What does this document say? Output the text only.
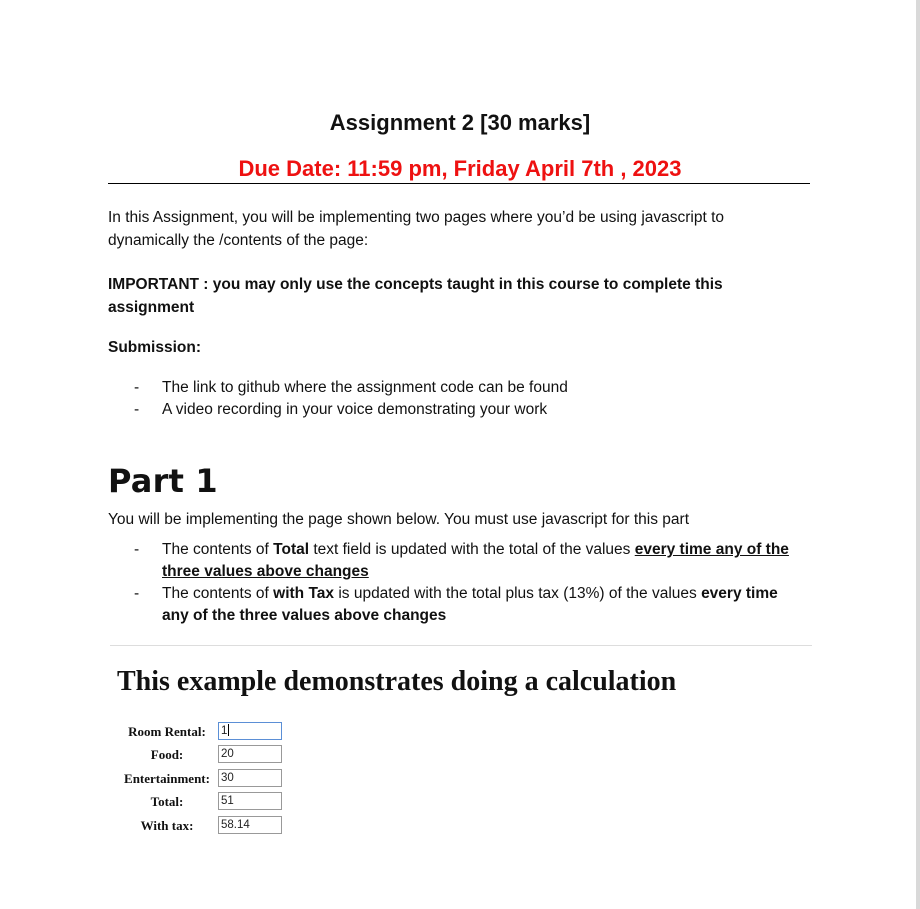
Assignment 2 [30 marks]
Due Date: 11:59 pm, Friday April 7th , 2023
In this Assignment, you will be implementing two pages where you’d be using javascript to dynamically the /contents of the page:
IMPORTANT : you may only use the concepts taught in this course to complete this assignment
Submission:
- The link to github where the assignment code can be found
- A video recording in your voice demonstrating your work
Part 1
You will be implementing the page shown below. You must use javascript for this part
- The contents of Total text field is updated with the total of the values every time any of the three values above changes
- The contents of with Tax is updated with the total plus tax (13%) of the values every time any of the three values above changes
This example demonstrates doing a calculation
Room Rental:	1
Food:	20
Entertainment: 30
Total:	51
With tax:	58.14
